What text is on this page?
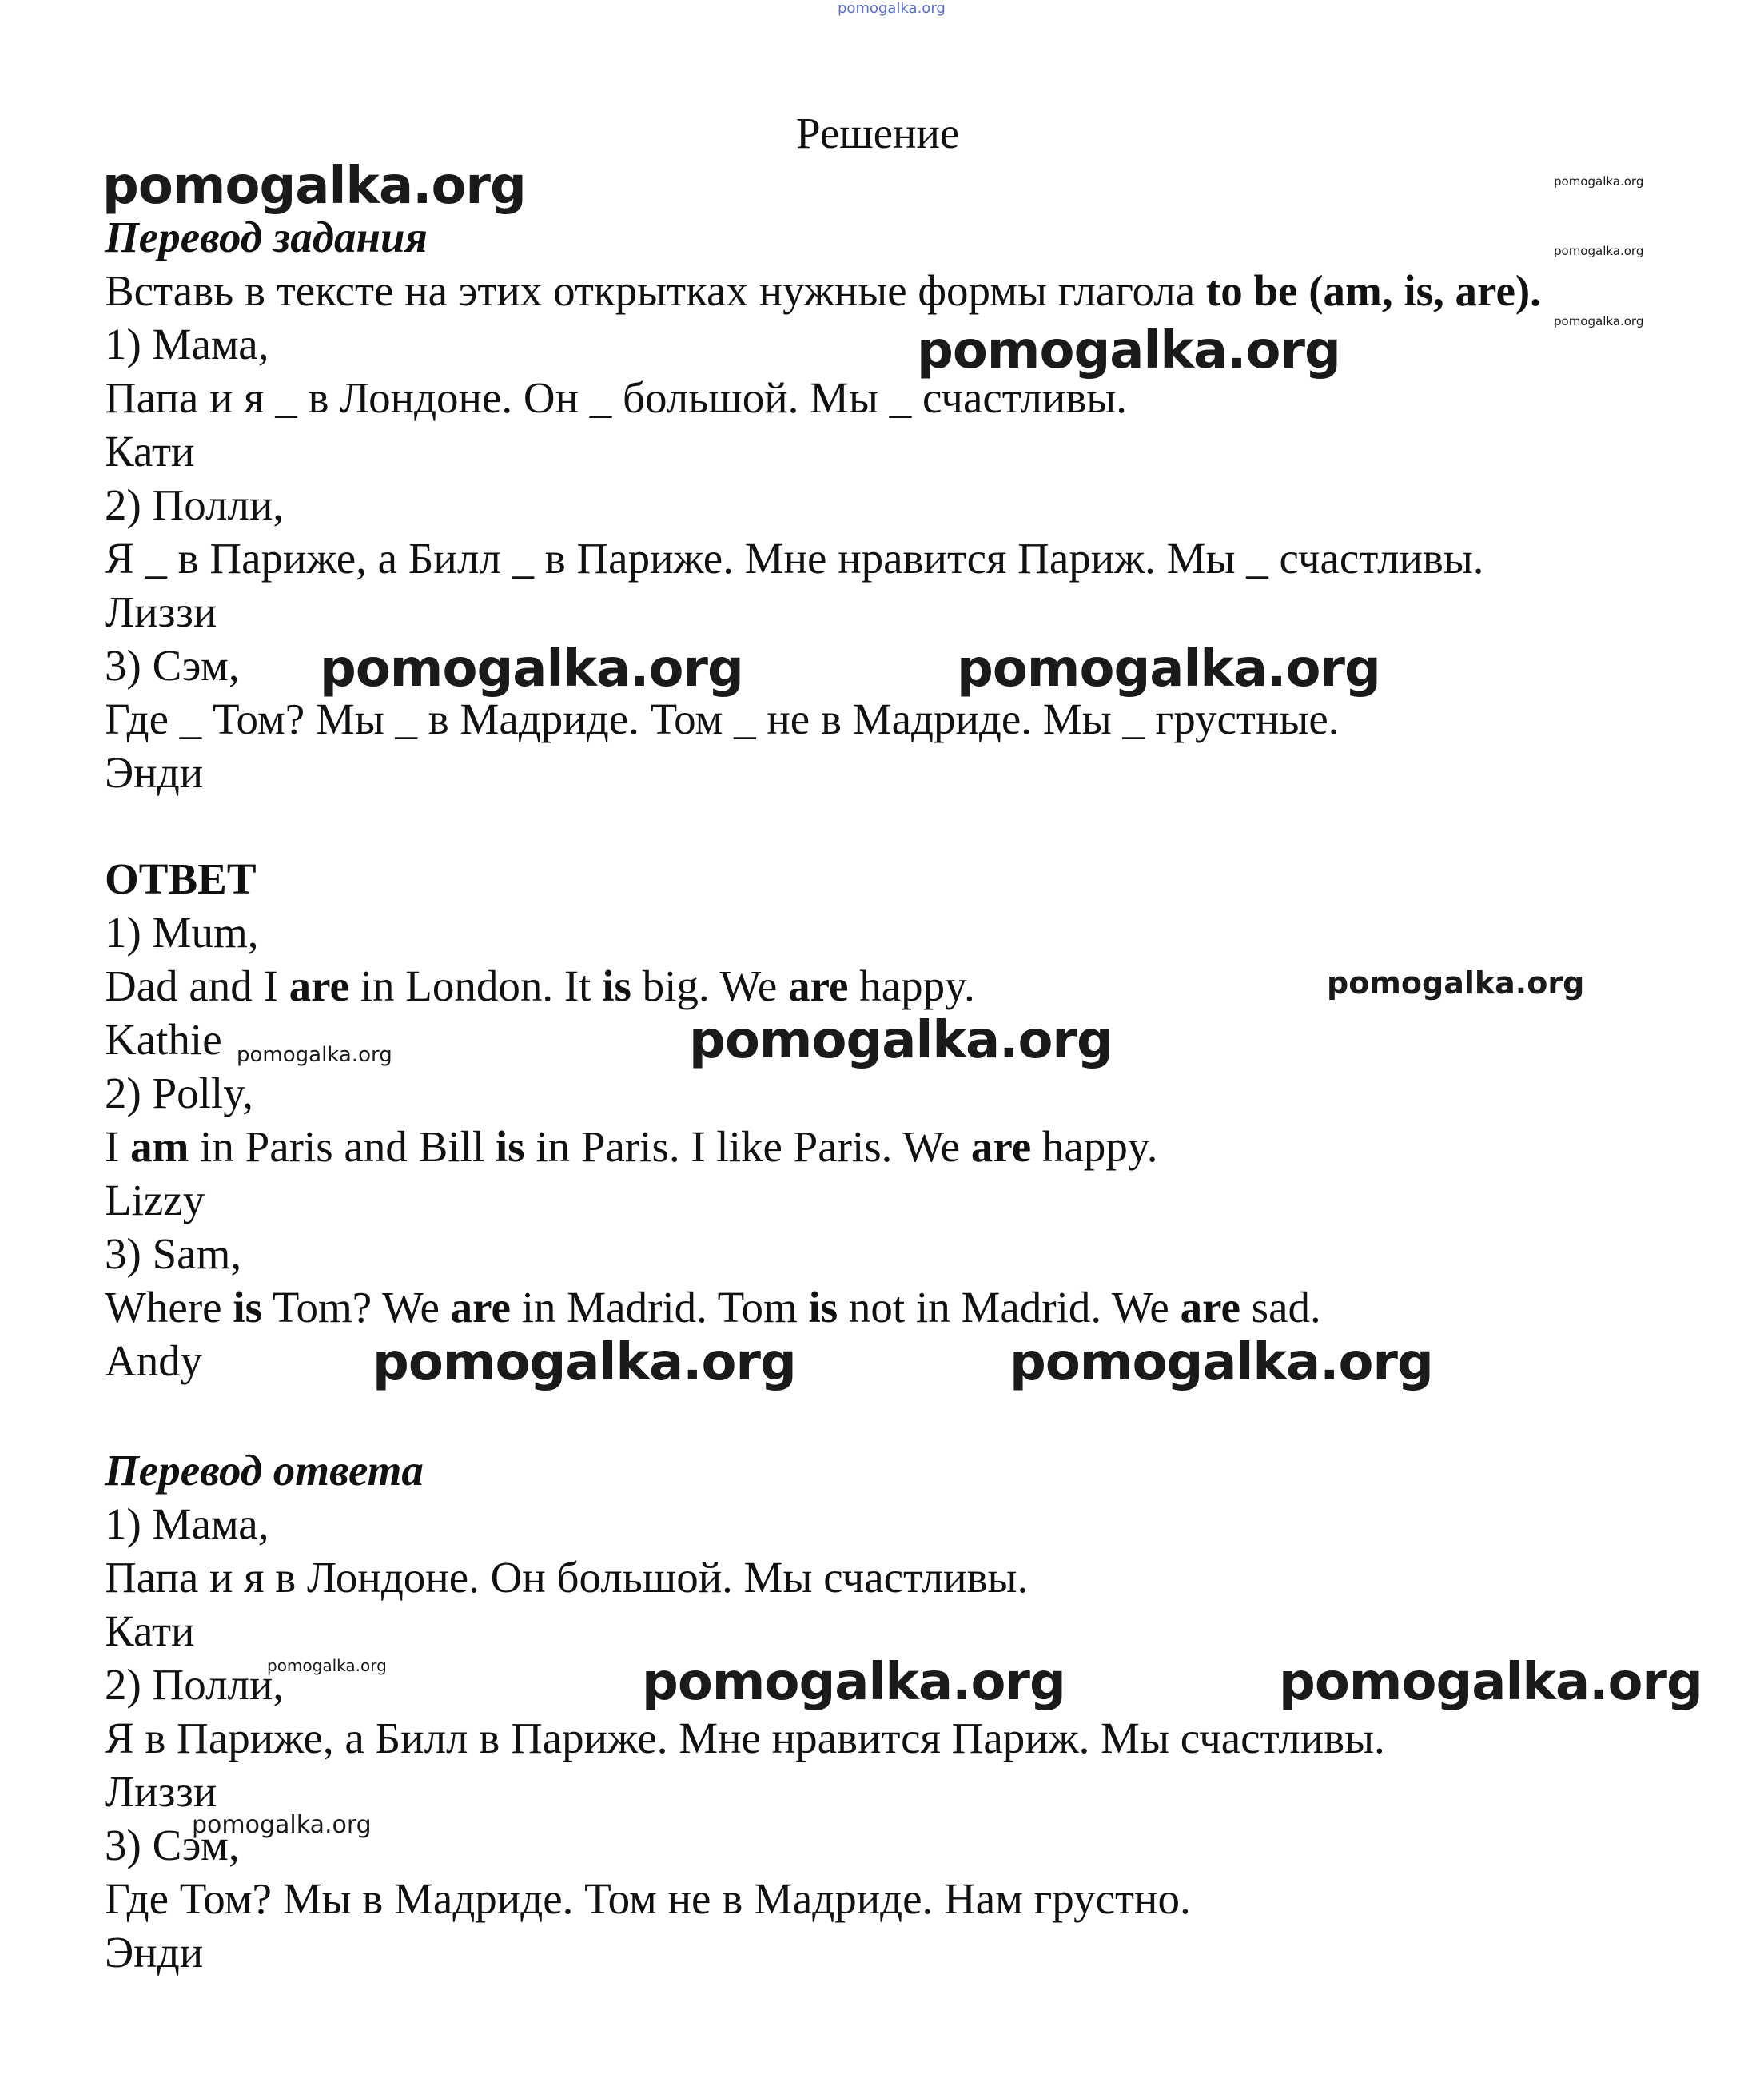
pomogalka.org
pomogalka.org	pomogalka.org
pomogalka.org
pomogalka.org
pomogalka.org
pomogalka.org	pomogalka.org
pomogalka.org
pomogalka.org	pomogalka.org
pomogalka.org	pomogalka.org
pomogalka.org	pomogalka.org	pomogalka.org
pomogalka.org
Решение
Перевод задания
Вставь в тексте на этих открытках нужные формы глагола to be (am, is, are).
1) Мама,
Папа и я _ в Лондоне. Он _ большой. Мы _ счастливы.
Кати
2) Полли,
Я _ в Париже, а Билл _ в Париже. Мне нравится Париж. Мы _ счастливы.
Лиззи
3) Сэм,
Где _ Том? Мы _ в Мадриде. Том _ не в Мадриде. Мы _ грустные.
Энди
ОТВЕТ
1) Mum,
Dad and I are in London. It is big. We are happy.
Kathie
2) Polly,
I am in Paris and Bill is in Paris. I like Paris. We are happy.
Lizzy
3) Sam,
Where is Tom? We are in Madrid. Tom is not in Madrid. We are sad.
Andy
Перевод ответа
1) Мама,
Папа и я в Лондоне. Он большой. Мы счастливы.
Кати
2) Полли,
Я в Париже, а Билл в Париже. Мне нравится Париж. Мы счастливы.
Лиззи
3) Сэм,
Где Том? Мы в Мадриде. Том не в Мадриде. Нам грустно.
Энди
